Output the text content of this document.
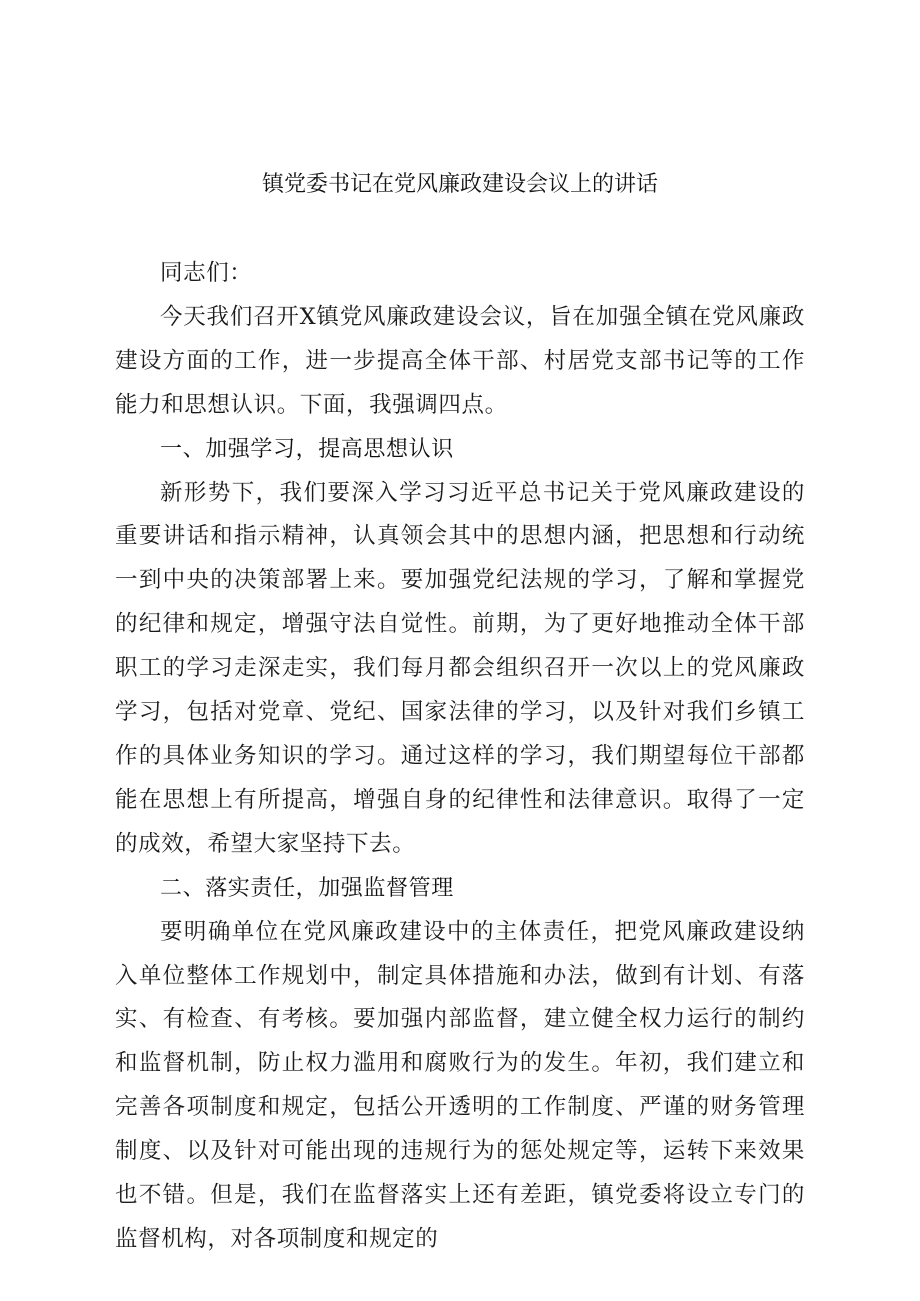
镇党委书记在党风廉政建设会议上的讲话

同志们：

今天我们召开X镇党风廉政建设会议，旨在加强全镇在党风廉政建设方面的工作，进一步提高全体干部、村居党支部书记等的工作能力和思想认识。下面，我强调四点。

一、加强学习，提高思想认识

新形势下，我们要深入学习习近平总书记关于党风廉政建设的重要讲话和指示精神，认真领会其中的思想内涵，把思想和行动统一到中央的决策部署上来。要加强党纪法规的学习，了解和掌握党的纪律和规定，增强守法自觉性。前期，为了更好地推动全体干部职工的学习走深走实，我们每月都会组织召开一次以上的党风廉政学习，包括对党章、党纪、国家法律的学习，以及针对我们乡镇工作的具体业务知识的学习。通过这样的学习，我们期望每位干部都能在思想上有所提高，增强自身的纪律性和法律意识。取得了一定的成效，希望大家坚持下去。

二、落实责任，加强监督管理

要明确单位在党风廉政建设中的主体责任，把党风廉政建设纳入单位整体工作规划中，制定具体措施和办法，做到有计划、有落实、有检查、有考核。要加强内部监督，建立健全权力运行的制约和监督机制，防止权力滥用和腐败行为的发生。年初，我们建立和完善各项制度和规定，包括公开透明的工作制度、严谨的财务管理制度、以及针对可能出现的违规行为的惩处规定等，运转下来效果也不错。但是，我们在监督落实上还有差距，镇党委将设立专门的监督机构，对各项制度和规定的
